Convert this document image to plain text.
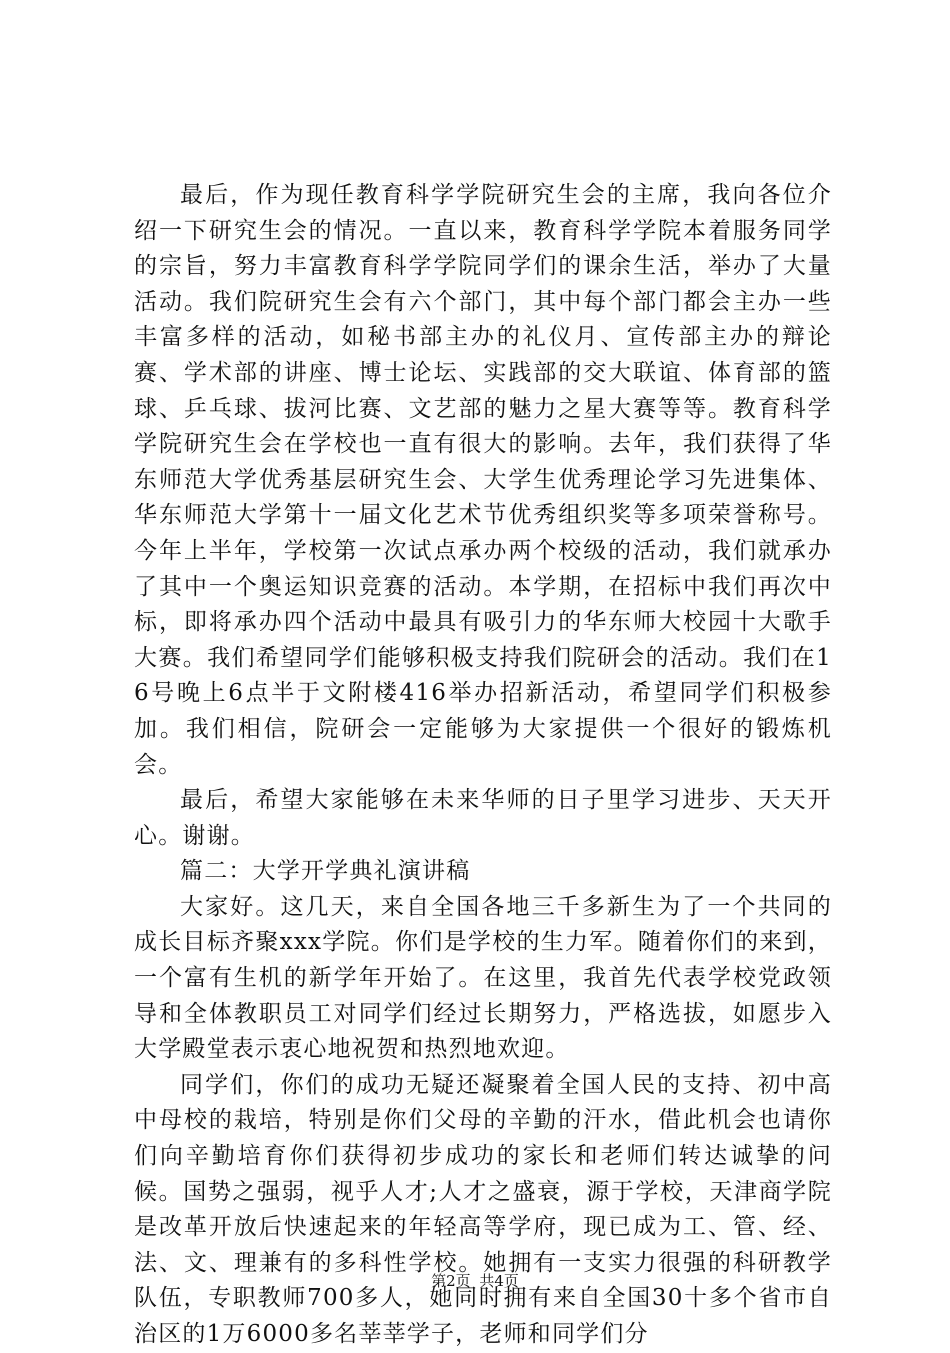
最后，作为现任教育科学学院研究生会的主席，我向各位介绍一下研究生会的情况。一直以来，教育科学学院本着服务同学的宗旨，努力丰富教育科学学院同学们的课余生活，举办了大量活动。我们院研究生会有六个部门，其中每个部门都会主办一些丰富多样的活动，如秘书部主办的礼仪月、宣传部主办的辩论赛、学术部的讲座、博士论坛、实践部的交大联谊、体育部的篮球、乒乓球、拔河比赛、文艺部的魅力之星大赛等等。教育科学学院研究生会在学校也一直有很大的影响。去年，我们获得了华东师范大学优秀基层研究生会、大学生优秀理论学习先进集体、华东师范大学第十一届文化艺术节优秀组织奖等多项荣誉称号。今年上半年，学校第一次试点承办两个校级的活动，我们就承办了其中一个奥运知识竞赛的活动。本学期，在招标中我们再次中标，即将承办四个活动中最具有吸引力的华东师大校园十大歌手大赛。我们希望同学们能够积极支持我们院研会的活动。我们在16号晚上6点半于文附楼416举办招新活动，希望同学们积极参加。我们相信，院研会一定能够为大家提供一个很好的锻炼机会。

最后，希望大家能够在未来华师的日子里学习进步、天天开心。谢谢。

篇二：大学开学典礼演讲稿

大家好。这几天，来自全国各地三千多新生为了一个共同的成长目标齐聚xxx学院。你们是学校的生力军。随着你们的来到，一个富有生机的新学年开始了。在这里，我首先代表学校党政领导和全体教职员工对同学们经过长期努力，严格选拔，如愿步入大学殿堂表示衷心地祝贺和热烈地欢迎。

同学们，你们的成功无疑还凝聚着全国人民的支持、初中高中母校的栽培，特别是你们父母的辛勤的汗水，借此机会也请你们向辛勤培育你们获得初步成功的家长和老师们转达诚挚的问候。国势之强弱，视乎人才;人才之盛衰，源于学校，天津商学院是改革开放后快速起来的年轻高等学府，现已成为工、管、经、法、文、理兼有的多科性学校。她拥有一支实力很强的科研教学队伍，专职教师700多人，她同时拥有来自全国30十多个省市自治区的1万6000多名莘莘学子，老师和同学们分

第2页 共4页
